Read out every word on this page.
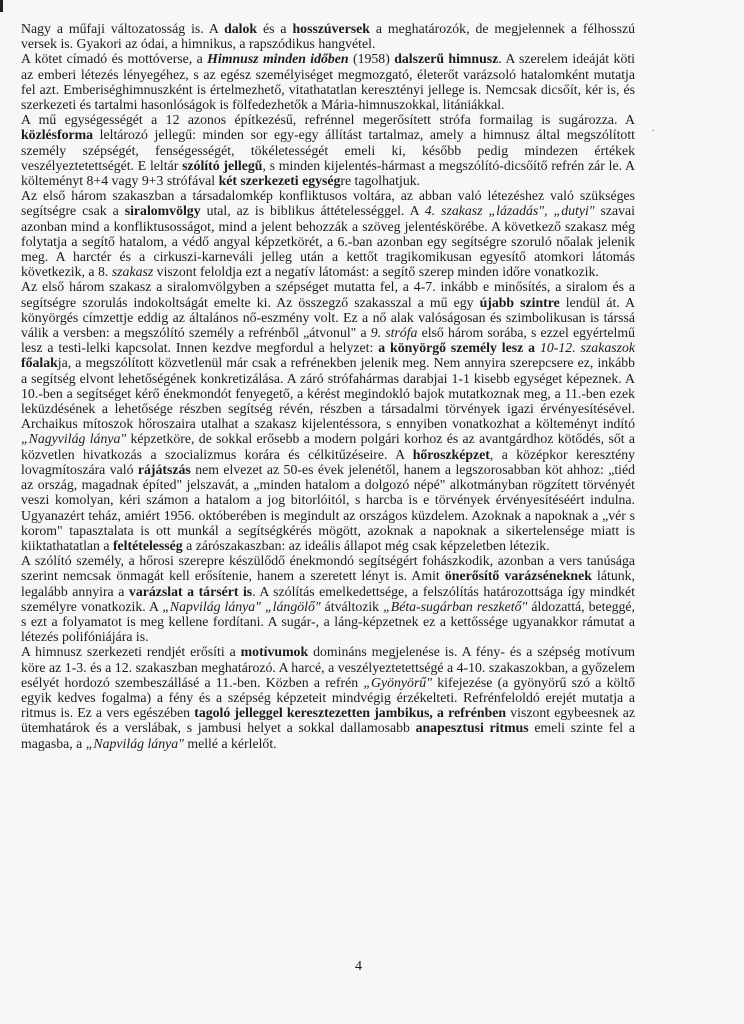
.

Nagy a műfaji változatosság is. A dalok és a hosszúversek a meghatározók, de megjelennek a félhosszú versek is. Gyakori az ódai, a himnikus, a rapszódikus hangvétel.

A kötet címadó és mottóverse, a Himnusz minden időben (1958) dalszerű himnusz. A szerelem ideáját köti az emberi létezés lényegéhez, s az egész személyiséget megmozgató, életerőt varázsoló hatalomként mutatja fel azt. Emberiséghimnuszként is értelmezhető, vitathatatlan keresztényi jellege is. Nemcsak dicsőít, kér is, és szerkezeti és tartalmi hasonlóságok is fölfedezhetők a Mária-himnuszokkal, litániákkal.

A mű egységességét a 12 azonos építkezésű, refrénnel megerősített strófa formailag is sugározza. A közlésforma leltározó jellegű: minden sor egy-egy állítást tartalmaz, amely a himnusz által megszólított személy szépségét, fenségességét, tökéletességét emeli ki, később pedig mindezen értékek veszélyeztetettségét. E leltár szólító jellegű, s minden kijelentés-hármast a megszólító-dicsőítő refrén zár le. A költeményt 8+4 vagy 9+3 strófával két szerkezeti egységre tagolhatjuk.

Az első három szakaszban a társadalomkép konfliktusos voltára, az abban való létezéshez való szükséges segítségre csak a siralomvölgy utal, az is biblikus áttételességgel. A 4. szakasz „lázadás", „dutyi" szavai azonban mind a konfliktusosságot, mind a jelent behozzák a szöveg jelentéskörébe. A következő szakasz még folytatja a segítő hatalom, a védő angyal képzetkörét, a 6.-ban azonban egy segítségre szoruló nőalak jelenik meg. A harctér és a cirkuszi-karneváli jelleg után a kettőt tragikomikusan egyesítő atomkori látomás következik, a 8. szakasz viszont feloldja ezt a negatív látomást: a segítő szerep minden időre vonatkozik.

Az első három szakasz a siralomvölgyben a szépséget mutatta fel, a 4-7. inkább e minősítés, a siralom és a segítségre szorulás indokoltságát emelte ki. Az összegző szakasszal a mű egy újabb szintre lendül át. A könyörgés címzettje eddig az általános nő-eszmény volt. Ez a nő alak valóságosan és szimbolikusan is társsá válik a versben: a megszólító személy a refrénből „átvonul" a 9. strófa első három sorába, s ezzel egyértelmű lesz a testi-lelki kapcsolat. Innen kezdve megfordul a helyzet: a könyörgő személy lesz a 10-12. szakaszok főalakja, a megszólított közvetlenül már csak a refrénekben jelenik meg. Nem annyira szerepcsere ez, inkább a segítség elvont lehetőségének konkretizálása. A záró strófahármas darabjai 1-1 kisebb egységet képeznek. A 10.-ben a segítséget kérő énekmondót fenyegető, a kérést megindokló bajok mutatkoznak meg, a 11.-ben ezek leküzdésének a lehetősége részben segítség révén, részben a társadalmi törvények igazi érvényesítésével. Archaikus mítoszok hőroszaira utalhat a szakasz kijelentéssora, s ennyiben vonatkozhat a költeményt indító „Nagyvilág lánya" képzetköre, de sokkal erősebb a modern polgári korhoz és az avantgárdhoz kötődés, sőt a közvetlen hivatkozás a szocializmus korára és célkitűzéseire. A hőroszképzet, a középkor keresztény lovagmítoszára való rájátszás nem elvezet az 50-es évek jelenétől, hanem a legszorosabban köt ahhoz: „tiéd az ország, magadnak építed" jelszavát, a „minden hatalom a dolgozó népé" alkotmányban rögzített törvényét veszi komolyan, kéri számon a hatalom a jog bitorlóitól, s harcba is e törvények érvényesítéséért indulna. Ugyanazért teház, amiért 1956. októberében is megindult az országos küzdelem. Azoknak a napoknak a „vér s korom" tapasztalata is ott munkál a segítségkérés mögött, azoknak a napoknak a sikertelensége miatt is kiiktathatatlan a feltételesség a zárószakaszban: az ideális állapot még csak képzeletben létezik.

A szólító személy, a hőrosi szerepre készülődő énekmondó segítségért fohászkodik, azonban a vers tanúsága szerint nemcsak önmagát kell erősítenie, hanem a szeretett lényt is. Amit önerősítő varázséneknek látunk, legalább annyira a varázslat a társért is. A szólítás emelkedettsége, a felszólítás határozottsága így mindkét személyre vonatkozik. A „Napvilág lánya" „lángölő" átváltozik „Béta-sugárban reszkető" áldozattá, beteggé, s ezt a folyamatot is meg kellene fordítani. A sugár-, a láng-képzetnek ez a kettőssége ugyanakkor rámutat a létezés polifóniájára is.

A himnusz szerkezeti rendjét erősíti a motívumok domináns megjelenése is. A fény- és a szépség motívum köre az 1-3. és a 12. szakaszban meghatározó. A harcé, a veszélyeztetettségé a 4-10. szakaszokban, a győzelem esélyét hordozó szembeszállásé a 11.-ben. Közben a refrén „Gyönyörű" kifejezése (a gyönyörű szó a költő egyik kedves fogalma) a fény és a szépség képzeteit mindvégig érzékelteti. Refrénfeloldó erejét mutatja a ritmus is. Ez a vers egészében tagoló jelleggel keresztezetten jambikus, a refrénben viszont egybeesnek az ütemhatárok és a verslábak, s jambusi helyet a sokkal dallamosabb anapesztusi ritmus emeli szinte fel a magasba, a „Napvilág lánya" mellé a kérlelőt.

4
